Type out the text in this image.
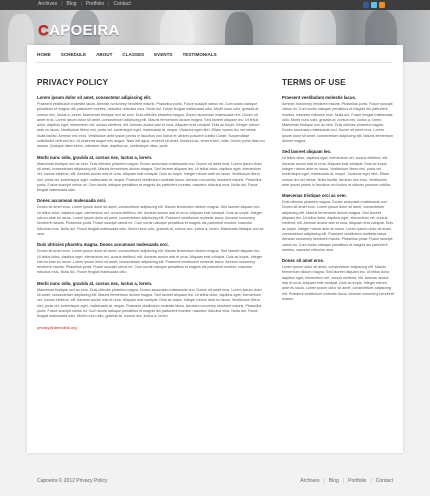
Archives | Blog | Portfolio | Contact
CAPOEIRA
HOME	SCHEDULE	ABOUT	CLASSES	EVENTS	TESTIMONIALS
PRIVACY POLICY
Lorem ipsum dolor sit amet, consectetur adipiscing elit.

Praesent vestibulum molestie lacus. Aenean nonummy hendrerit mauris. Phasellus porta. Fusce suscipit varius mi. Cum sociis natoque penatibus et magnis dis parturient montes, nascetur ridiculus mus. Nulla dui. Fusce feugiat malesuada odio. Morbi nunc odio, gravida at, cursus nec, luctus a, lorem. Maecenas tristique orci ac sem. Duis ultricies pharetra magna. Donec accumsan malesuada orci. Donec sit amet eros. Lorem ipsum dolor sit amet, consectetuer adipiscing elit. Mauris fermentum dictum magna. Sed laoreet aliquam leo. Ut tellus dolor, dapibus eget, elementum vel, cursus eleifend, elit. Aenean auctor wisi et urna. Aliquam erat volutpat. Duis ac turpis. Integer rutrum ante eu lacus. Vestibulum libero nisl, porta vel, scelerisque eget, malesuada at, neque. Vivamus eget nibh. Etiam cursus leo vel metus. Nulla facilisi. Aenean nec eros. Vestibulum ante ipsum primis in faucibus orci luctus et ultrices posuere cubilia Curae; Suspendisse sollicitudin velit sed leo. Ut pharetra augue nec augue. Nam elit agna, endrerit sit amet, tincidunt ac, viverra sed, nulla. Donec porta diam eu massa. Quisque diam lorem, interdum vitae, dapibus ac, scelerisque vitae, pede.

Morbi nunc odio, gravida at, cursus nec, luctus a, lorem.

Maecenas tristique orci ac sem. Duis ultricies pharetra magna. Donec accumsan malesuada orci. Donec sit amet eros. Lorem ipsum dolor sit amet, consectetuer adipiscing elit. Mauris fermentum dictum magna. Sed laoreet aliquam leo. Ut tellus dolor, dapibus eget, elementum vel, cursus eleifend, elit. Aenean auctor wisi et urna. Aliquam erat volutpat. Duis ac turpis. Integer rutrum ante eu lacus. Vestibulum libero nisl, porta vel, scelerisque eget, malesuada at, neque. Praesent vestibulum molestie lacus. Aenean nonummy hendrerit mauris. Phasellus porta. Fusce suscipit varius mi. Cum sociis natoque penatibus et magnis dis parturient montes, nascetur ridiculus mus. Nulla dui. Fusce feugiat malesuada odio.

Donec accumsan malesuada orci.

Donec sit amet eros. Lorem ipsum dolor sit amet, consectetuer adipiscing elit. Mauris fermentum dictum magna. Sed laoreet aliquam leo. Ut tellus dolor, dapibus eget, elementum vel, cursus eleifend, elit. Aenean auctor wisi et urna. Aliquam erat volutpat. Duis ac turpis. Integer rutrum ante eu lacus. Lorem ipsum dolor sit amet, consectetuer adipiscing elit. Praesent vestibulum molestie lacus. Aenean nonummy hendrerit mauris. Phasellus porta. Fusce suscipit varius mi. Cum sociis natoque penatibus et magnis dis parturient montes, nascetur ridiculus mus. Nulla dui. Fusce feugiat malesuada odio. Morbi nunc odio, gravida at, cursus nec, luctus a, lorem. Maecenas tristique orci ac sem.

Duis ultricies pharetra magna. Donec accumsan malesuada orci.

Donec sit amet eros. Lorem ipsum dolor sit amet, consectetuer adipiscing elit. Mauris fermentum dictum magna. Sed laoreet aliquam leo. Ut tellus dolor, dapibus eget, elementum vel, cursus eleifend, elit. Aenean auctor wisi et urna. Aliquam erat volutpat. Duis ac turpis. Integer rutrum ante eu lacus. Lorem ipsum dolor sit amet, consectetuer adipiscing elit. Praesent vestibulum molestie lacus. Aenean nonummy hendrerit mauris. Phasellus porta. Fusce suscipit varius mi. Cum sociis natoque penatibus et magnis dis parturient montes, nascetur ridiculus mus. Nulla dui. Fusce feugiat malesuada odio.

Morbi nunc odio, gravida at, cursus nec, luctus a, lorem.

Maecenas tristique orci ac sem. Duis ultricies pharetra magna. Donec accumsan malesuada orci. Donec sit amet eros. Lorem ipsum dolor sit amet, consectetuer adipiscing elit. Mauris fermentum dictum magna. Sed laoreet aliquam leo. Ut tellus dolor, dapibus eget, elementum vel, cursus eleifend, elit. Aenean auctor wisi et urna. Aliquam erat volutpat. Duis ac turpis. Integer rutrum ante eu lacus. Vestibulum libero nisl, porta vel, scelerisque eget, malesuada at, neque. Praesent vestibulum molestie lacus. Aenean nonummy hendrerit mauris. Phasellus porta. Fusce suscipit varius mi. Cum sociis natoque penatibus et magnis dis parturient montes, nascetur ridiculus mus. Nulla dui. Fusce feugiat malesuada odio. Morbi nunc odio, gravida at, cursus nec, luctus a, lorem.

privacy@demolink.org
TERMS OF USE
Praesent vestibulum molestie lacus.

Aenean nonummy hendrerit mauris. Phasellus porta. Fusce suscipit varius mi. Cum sociis natoque penatibus et magnis dis parturient montes, nascetur ridiculus mus. Nulla dui. Fusce feugiat malesuada odio. Morbi nunc odio, gravida at, cursus nec, luctus a, lorem. Maecenas tristique orci ac sem. Duis ultricies pharetra magna. Donec accumsan malesuada orci. Donec sit amet eros. Lorem ipsum dolor sit amet, consectetuer adipiscing elit. Mauris fermentum dictum magna.

Sed laoreet aliquam leo.

Ut tellus dolor, dapibus eget, elementum vel, cursus eleifend, elit. Aenean auctor wisi et urna. Aliquam erat volutpat. Duis ac turpis. Integer rutrum ante eu lacus. Vestibulum libero nisl, porta vel, scelerisque eget, malesuada at, neque. Vivamus eget nibh. Etiam cursus leo vel metus. Nulla facilisi. Aenean nec eros. Vestibulum ante ipsum primis in faucibus orci luctus et ultrices posuere cubilia.

Maecenas tristique orci ac sem.

Duis ultricies pharetra magna. Donec accumsan malesuada orci. Donec sit amet eros. Lorem ipsum dolor sit amet, consectetuer adipiscing elit. Mauris fermentum dictum magna. Sed laoreet aliquam leo. Ut tellus dolor, dapibus eget, elementum vel, cursus eleifend, elit. Aenean auctor wisi et urna. Aliquam erat volutpat. Duis ac turpis. Integer rutrum ante eu lacus. Lorem ipsum dolor sit amet, consectetuer adipiscing elit. Praesent vestibulum molestie lacus. Aenean nonummy hendrerit mauris. Phasellus porta. Fusce suscipit varius mi. Cum sociis natoque penatibus et magnis dis parturient montes, nascetur ridiculus mus.

Donec sit amet eros.

Lorem ipsum dolor sit amet, consectetuer adipiscing elit. Mauris fermentum dictum magna. Sed laoreet aliquam leo. Ut tellus dolor, dapibus eget, elementum vel, cursus eleifend, elit. Aenean auctor wisi et urna. Aliquam erat volutpat. Duis ac turpis. Integer rutrum ante eu lacus. Lorem ipsum dolor sit amet, consectetuer adipiscing elit. Praesent vestibulum molestie lacus. Aenean nonummy hendrerit mauris.

Capoeira © 2012 Privacy Policy	Archives | Blog | Portfolio | Contact
